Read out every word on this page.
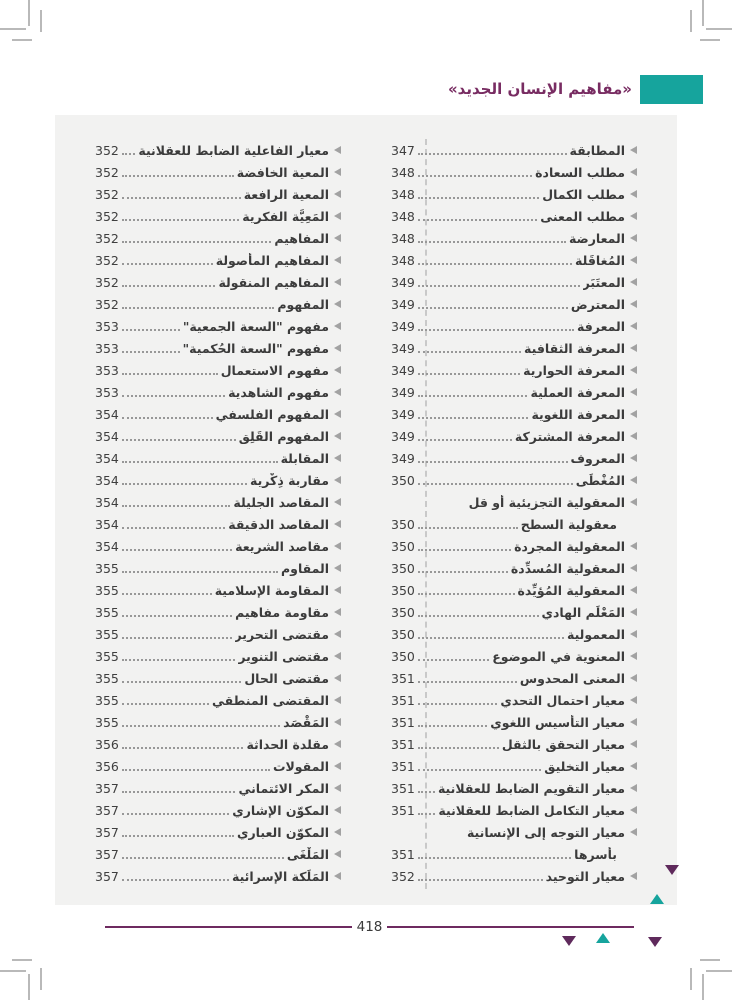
«مفاهيم الإنسان الجديد»
المطابقة
347
مطلب السعادة
348
مطلب الكمال
348
مطلب المعنى
348
المعارضة
348
المُغاقَلة
348
المعتَبَر
349
المعترض
349
المعرفة
349
المعرفة الثقافية
349
المعرفة الحوارية
349
المعرفة العملية
349
المعرفة اللغوية
349
المعرفة المشتركة
349
المعروف
349
المُغْطَى
350
المعقولية التجزيئية أو قل
معقولية السطح
350
المعقولية المجردة
350
المعقولية المُسدِّدة
350
المعقولية المُؤيِّدة
350
المَعْلَم الهادي
350
المعمولية
350
المعنوية في الموضوع
350
المعنى المحدوس
351
معيار احتمال التحدي
351
معيار التأسيس اللغوي
351
معيار التحقق بالثقل
351
معيار التخليق
351
معيار التقويم الضابط للعقلانية
351
معيار التكامل الضابط للعقلانية
351
معيار التوجه إلى الإنسانية
بأسرها
351
معيار التوحيد
352
معيار الفاعلية الضابط للعقلانية
352
المعية الخافضة
352
المعية الرافعة
352
المَعِيَّة الفكرية
352
المفاهيم
352
المفاهيم المأصولة
352
المفاهيم المنقولة
352
المفهوم
352
مفهوم "السعة الجمعية"
353
مفهوم "السعة الحُكمية"
353
مفهوم الاستعمال
353
مفهوم الشاهدية
353
المفهوم الفلسفي
354
المفهوم القَلِق
354
المقابلة
354
مقاربة ذِكْرية
354
المقاصد الجليلة
354
المقاصد الدقيقة
354
مقاصد الشريعة
354
المقاوم
355
المقاومة الإسلامية
355
مقاومة مفاهيم
355
مقتضى التحرير
355
مقتضى التنوير
355
مقتضى الحال
355
المقتضى المنطقي
355
المَقْصَد
355
مقلدة الحداثة
356
المقولات
356
المكر الائتماني
357
المكوّن الإشاري
357
المكوّن العباري
357
المَلْغَى
357
المَلَكة الإسرائية
357
418
